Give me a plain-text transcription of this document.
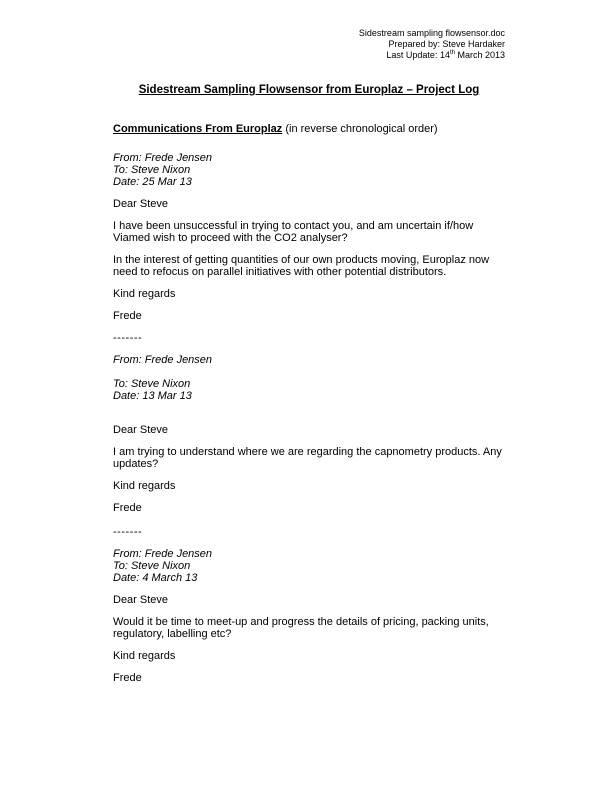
Sidestream sampling flowsensor.doc
Prepared by: Steve Hardaker
Last Update: 14th March 2013
Sidestream Sampling Flowsensor from Europlaz – Project Log
Communications From Europlaz (in reverse chronological order)
From: Frede Jensen
To: Steve Nixon
Date: 25 Mar 13

Dear Steve

I have been unsuccessful in trying to contact you, and am uncertain if/how Viamed wish to proceed with the CO2 analyser?

In the interest of getting quantities of our own products moving, Europlaz now need to refocus on parallel initiatives with other potential distributors.

Kind regards

Frede

-------

From: Frede Jensen
To: Steve Nixon
Date: 13 Mar 13

Dear Steve

I am trying to understand where we are regarding the capnometry products. Any updates?

Kind regards

Frede

-------

From: Frede Jensen
To: Steve Nixon
Date: 4 March 13

Dear Steve

Would it be time to meet-up and progress the details of pricing, packing units, regulatory, labelling etc?

Kind regards

Frede
